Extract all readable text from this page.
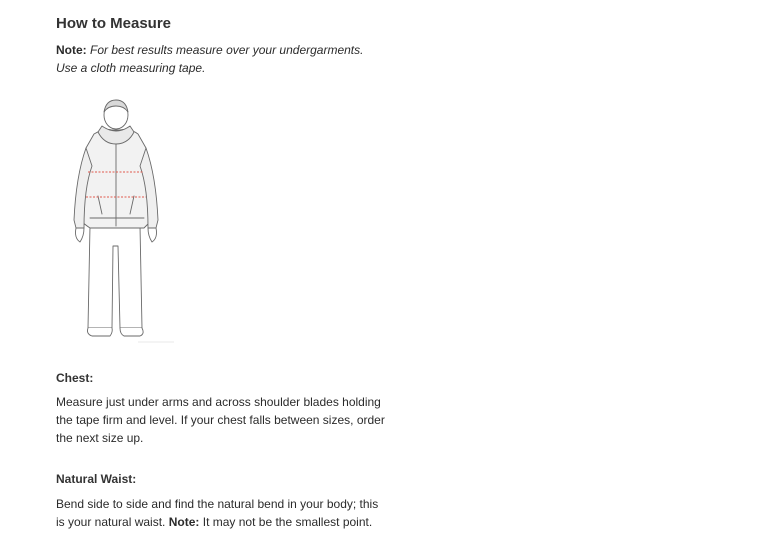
How to Measure
Note: For best results measure over your undergarments. Use a cloth measuring tape.
Chest:
Measure just under arms and across shoulder blades holding the tape firm and level. If your chest falls between sizes, order the next size up.
Natural Waist:
Bend side to side and find the natural bend in your body; this is your natural waist. Note: It may not be the smallest point.
